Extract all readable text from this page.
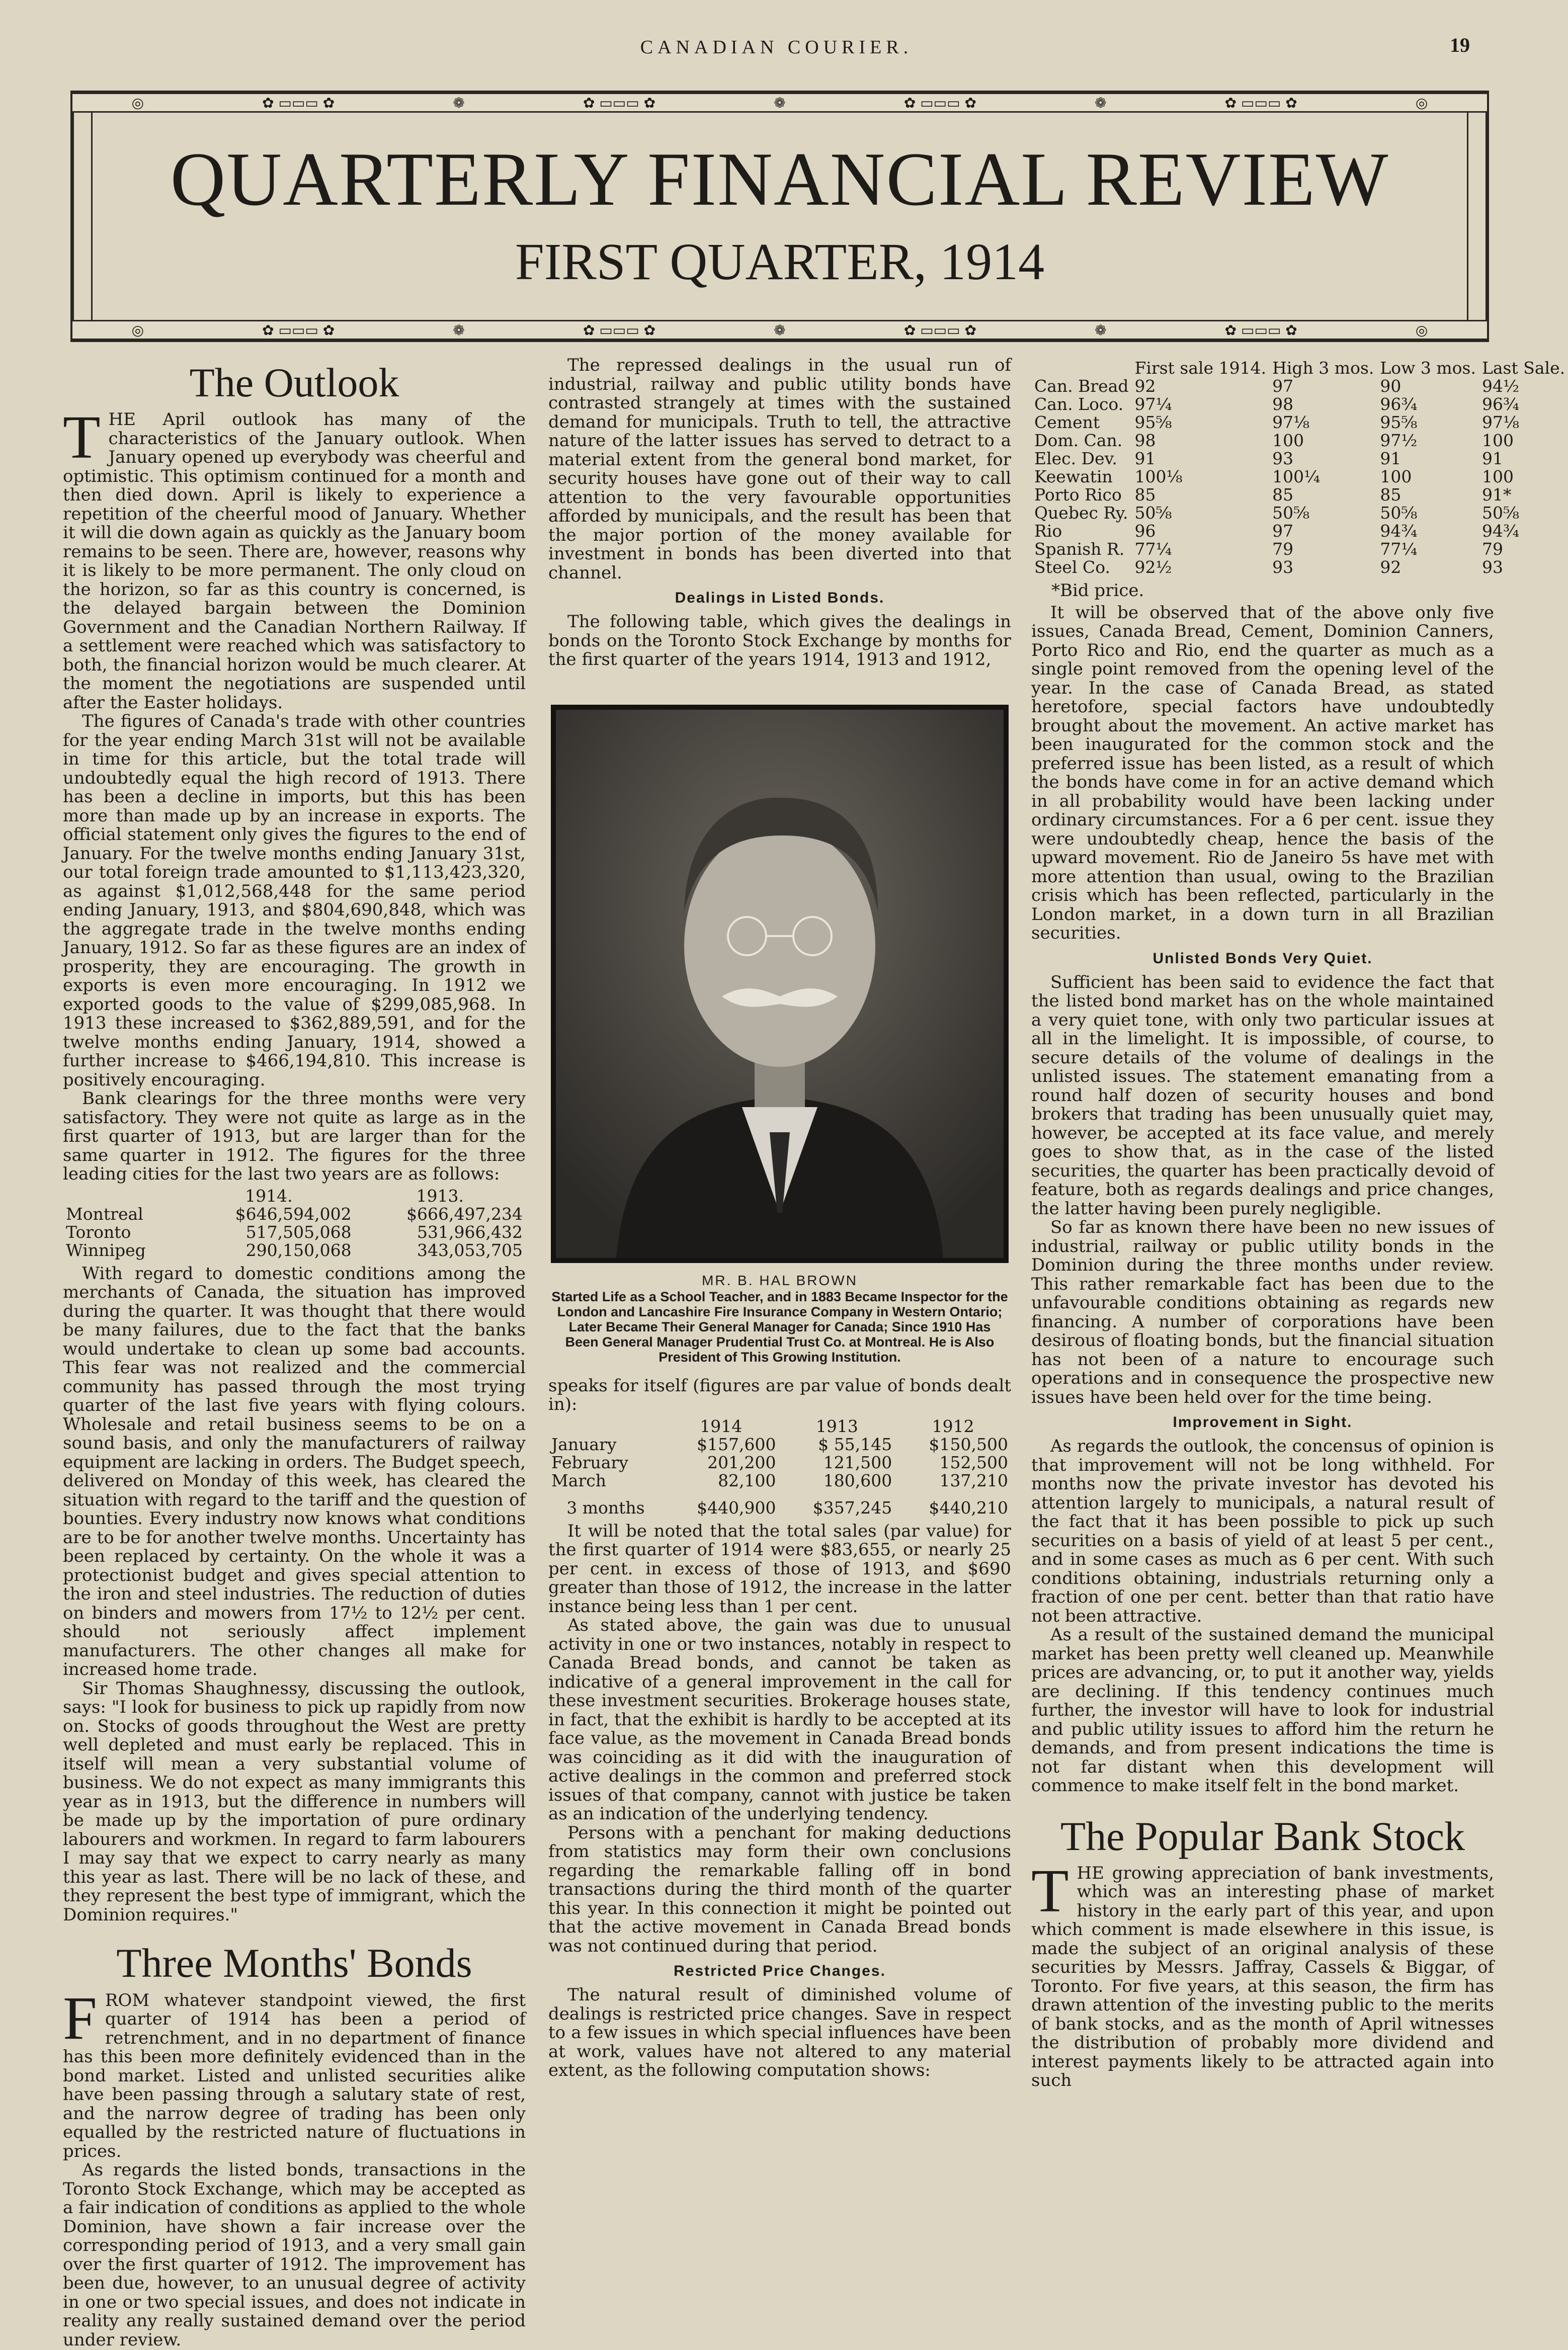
CANADIAN COURIER.	19
◎	✿ ▭▭▭ ✿	❁	✿ ▭▭▭ ✿	❁	✿ ▭▭▭ ✿	❁	✿ ▭▭▭ ✿	◎
◎	✿ ▭▭▭ ✿	❁	✿ ▭▭▭ ✿	❁	✿ ▭▭▭ ✿	❁	✿ ▭▭▭ ✿	◎
QUARTERLY FINANCIAL REVIEW
FIRST QUARTER, 1914
The Outlook

THE April outlook has many of the characteristics of the January outlook. When January opened up everybody was cheerful and optimistic. This optimism continued for a month and then died down. April is likely to experience a repetition of the cheerful mood of January. Whether it will die down again as quickly as the January boom remains to be seen. There are, however, reasons why it is likely to be more permanent. The only cloud on the horizon, so far as this country is concerned, is the delayed bargain between the Dominion Government and the Canadian Northern Railway. If a settlement were reached which was satisfactory to both, the financial horizon would be much clearer. At the moment the negotiations are suspended until after the Easter holidays.

The figures of Canada's trade with other countries for the year ending March 31st will not be available in time for this article, but the total trade will undoubtedly equal the high record of 1913. There has been a decline in imports, but this has been more than made up by an increase in exports. The official statement only gives the figures to the end of January. For the twelve months ending January 31st, our total foreign trade amounted to $1,113,423,320, as against $1,012,568,448 for the same period ending January, 1913, and $804,690,848, which was the aggregate trade in the twelve months ending January, 1912. So far as these figures are an index of prosperity, they are encouraging. The growth in exports is even more encouraging. In 1912 we exported goods to the value of $299,085,968. In 1913 these increased to $362,889,591, and for the twelve months ending January, 1914, showed a further increase to $466,194,810. This increase is positively encouraging.

Bank clearings for the three months were very satisfactory. They were not quite as large as in the first quarter of 1913, but are larger than for the same quarter in 1912. The figures for the three leading cities for the last two years are as follows:

	1914.	1913.
Montreal	$646,594,002	$666,497,234
Toronto	517,505,068	531,966,432
Winnipeg	290,150,068	343,053,705

With regard to domestic conditions among the merchants of Canada, the situation has improved during the quarter. It was thought that there would be many failures, due to the fact that the banks would undertake to clean up some bad accounts. This fear was not realized and the commercial community has passed through the most trying quarter of the last five years with flying colours. Wholesale and retail business seems to be on a sound basis, and only the manufacturers of railway equipment are lacking in orders. The Budget speech, delivered on Monday of this week, has cleared the situation with regard to the tariff and the question of bounties. Every industry now knows what conditions are to be for another twelve months. Uncertainty has been replaced by certainty. On the whole it was a protectionist budget and gives special attention to the iron and steel industries. The reduction of duties on binders and mowers from 17½ to 12½ per cent. should not seriously affect implement manufacturers. The other changes all make for increased home trade.

Sir Thomas Shaughnessy, discussing the outlook, says: "I look for business to pick up rapidly from now on. Stocks of goods throughout the West are pretty well depleted and must early be replaced. This in itself will mean a very substantial volume of business. We do not expect as many immigrants this year as in 1913, but the difference in numbers will be made up by the importation of pure ordinary labourers and workmen. In regard to farm labourers I may say that we expect to carry nearly as many this year as last. There will be no lack of these, and they represent the best type of immigrant, which the Dominion requires."

Three Months' Bonds

FROM whatever standpoint viewed, the first quarter of 1914 has been a period of retrenchment, and in no department of finance has this been more definitely evidenced than in the bond market. Listed and unlisted securities alike have been passing through a salutary state of rest, and the narrow degree of trading has been only equalled by the restricted nature of fluctuations in prices.

As regards the listed bonds, transactions in the Toronto Stock Exchange, which may be accepted as a fair indication of conditions as applied to the whole Dominion, have shown a fair increase over the corresponding period of 1913, and a very small gain over the first quarter of 1912. The improvement has been due, however, to an unusual degree of activity in one or two special issues, and does not indicate in reality any really sustained demand over the period under review.

The repressed dealings in the usual run of industrial, railway and public utility bonds have contrasted strangely at times with the sustained demand for municipals. Truth to tell, the attractive nature of the latter issues has served to detract to a material extent from the general bond market, for security houses have gone out of their way to call attention to the very favourable opportunities afforded by municipals, and the result has been that the major portion of the money available for investment in bonds has been diverted into that channel.

Dealings in Listed Bonds.

The following table, which gives the dealings in bonds on the Toronto Stock Exchange by months for the first quarter of the years 1914, 1913 and 1912,

MR. B. HAL BROWN
Started Life as a School Teacher, and in 1883 Became Inspector for the London and Lancashire Fire Insurance Company in Western Ontario; Later Became Their General Manager for Canada; Since 1910 Has Been General Manager Prudential Trust Co. at Montreal. He is Also President of This Growing Institution.

speaks for itself (figures are par value of bonds dealt in):

	1914	1913	1912
January	$157,600	$ 55,145	$150,500
February	201,200	121,500	152,500
March	82,100	180,600	137,210
3 months	$440,900	$357,245	$440,210

It will be noted that the total sales (par value) for the first quarter of 1914 were $83,655, or nearly 25 per cent. in excess of those of 1913, and $690 greater than those of 1912, the increase in the latter instance being less than 1 per cent.

As stated above, the gain was due to unusual activity in one or two instances, notably in respect to Canada Bread bonds, and cannot be taken as indicative of a general improvement in the call for these investment securities. Brokerage houses state, in fact, that the exhibit is hardly to be accepted at its face value, as the movement in Canada Bread bonds was coinciding as it did with the inauguration of active dealings in the common and preferred stock issues of that company, cannot with justice be taken as an indication of the underlying tendency.

Persons with a penchant for making deductions from statistics may form their own conclusions regarding the remarkable falling off in bond transactions during the third month of the quarter this year. In this connection it might be pointed out that the active movement in Canada Bread bonds was not continued during that period.

Restricted Price Changes.

The natural result of diminished volume of dealings is restricted price changes. Save in respect to a few issues in which special influences have been at work, values have not altered to any material extent, as the following computation shows:

	First sale 1914.	High 3 mos.	Low 3 mos.	Last Sale.
Can. Bread	92	97	90	94½
Can. Loco.	97¼	98	96¾	96¾
Cement	95⅝	97⅛	95⅝	97⅛
Dom. Can.	98	100	97½	100
Elec. Dev.	91	93	91	91
Keewatin	100⅛	100¼	100	100
Porto Rico	85	85	85	91*
Quebec Ry.	50⅝	50⅝	50⅝	50⅝
Rio	96	97	94¾	94¾
Spanish R.	77¼	79	77¼	79
Steel Co.	92½	93	92	93

*Bid price.

It will be observed that of the above only five issues, Canada Bread, Cement, Dominion Canners, Porto Rico and Rio, end the quarter as much as a single point removed from the opening level of the year. In the case of Canada Bread, as stated heretofore, special factors have undoubtedly brought about the movement. An active market has been inaugurated for the common stock and the preferred issue has been listed, as a result of which the bonds have come in for an active demand which in all probability would have been lacking under ordinary circumstances. For a 6 per cent. issue they were undoubtedly cheap, hence the basis of the upward movement. Rio de Janeiro 5s have met with more attention than usual, owing to the Brazilian crisis which has been reflected, particularly in the London market, in a down turn in all Brazilian securities.

Unlisted Bonds Very Quiet.

Sufficient has been said to evidence the fact that the listed bond market has on the whole maintained a very quiet tone, with only two particular issues at all in the limelight. It is impossible, of course, to secure details of the volume of dealings in the unlisted issues. The statement emanating from a round half dozen of security houses and bond brokers that trading has been unusually quiet may, however, be accepted at its face value, and merely goes to show that, as in the case of the listed securities, the quarter has been practically devoid of feature, both as regards dealings and price changes, the latter having been purely negligible.

So far as known there have been no new issues of industrial, railway or public utility bonds in the Dominion during the three months under review. This rather remarkable fact has been due to the unfavourable conditions obtaining as regards new financing. A number of corporations have been desirous of floating bonds, but the financial situation has not been of a nature to encourage such operations and in consequence the prospective new issues have been held over for the time being.

Improvement in Sight.

As regards the outlook, the concensus of opinion is that improvement will not be long withheld. For months now the private investor has devoted his attention largely to municipals, a natural result of the fact that it has been possible to pick up such securities on a basis of yield of at least 5 per cent., and in some cases as much as 6 per cent. With such conditions obtaining, industrials returning only a fraction of one per cent. better than that ratio have not been attractive.

As a result of the sustained demand the municipal market has been pretty well cleaned up. Meanwhile prices are advancing, or, to put it another way, yields are declining. If this tendency continues much further, the investor will have to look for industrial and public utility issues to afford him the return he demands, and from present indications the time is not far distant when this development will commence to make itself felt in the bond market.

The Popular Bank Stock

THE growing appreciation of bank investments, which was an interesting phase of market history in the early part of this year, and upon which comment is made elsewhere in this issue, is made the subject of an original analysis of these securities by Messrs. Jaffray, Cassels & Biggar, of Toronto. For five years, at this season, the firm has drawn attention of the investing public to the merits of bank stocks, and as the month of April witnesses the distribution of probably more dividend and interest payments likely to be attracted again into such
